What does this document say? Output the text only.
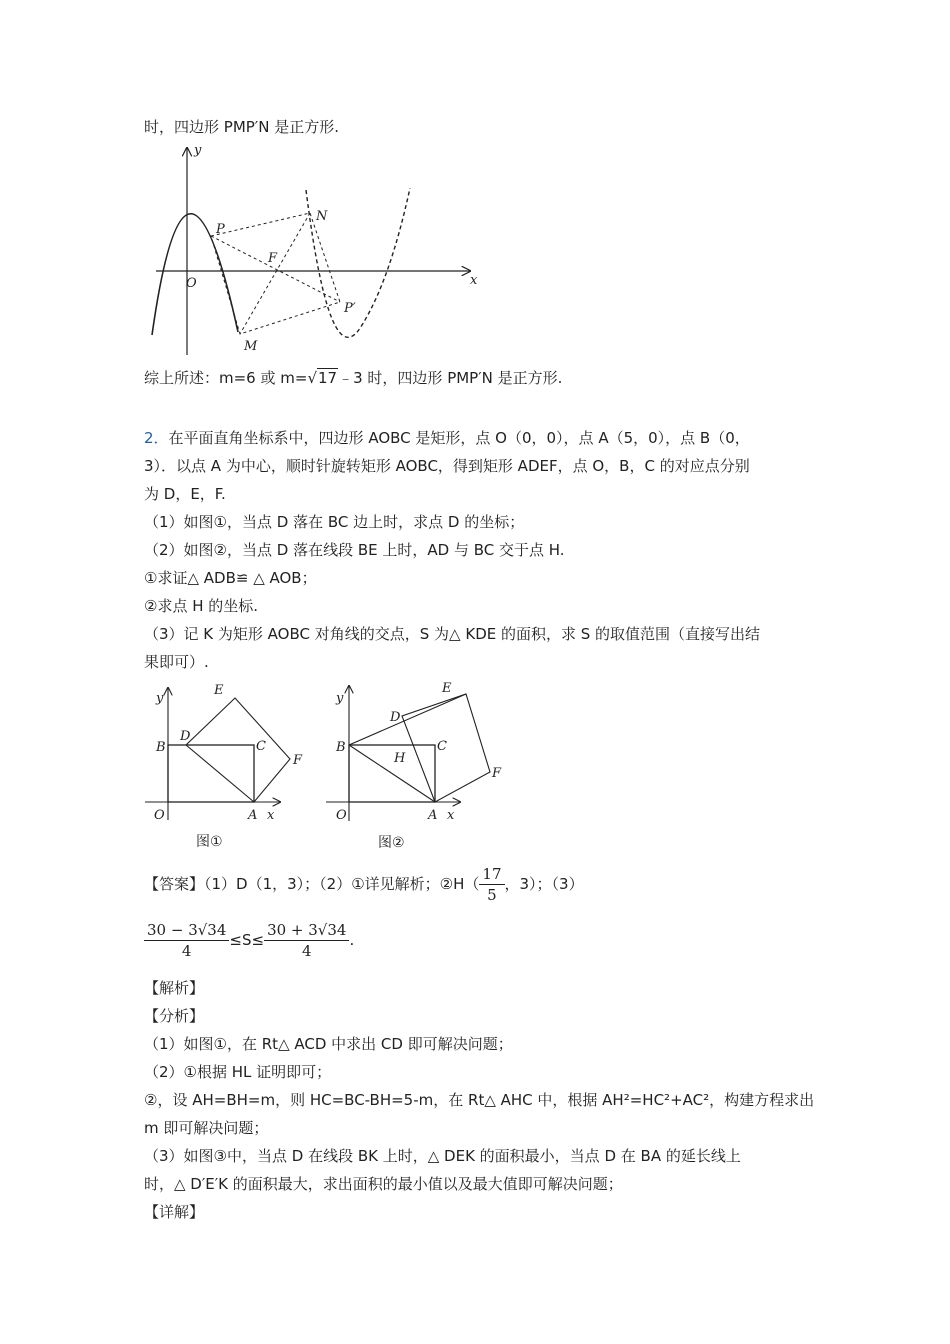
时，四边形 PMP′N 是正方形.
y
x
O
P
N
F
P′
M
综上所述：m=6 或 m=√17﹣3 时，四边形 PMP′N 是正方形.
2．在平面直角坐标系中，四边形 AOBC 是矩形，点 O（0，0），点 A（5，0），点 B（0，
3）．以点 A 为中心，顺时针旋转矩形 AOBC，得到矩形 ADEF，点 O，B，C 的对应点分别
为 D，E，F.
（1）如图①，当点 D 落在 BC 边上时，求点 D 的坐标；
（2）如图②，当点 D 落在线段 BE 上时，AD 与 BC 交于点 H.
①求证△ ADB≌ △ AOB；
②求点 H 的坐标.
（3）记 K 为矩形 AOBC 对角线的交点，S 为△ KDE 的面积，求 S 的取值范围（直接写出结
果即可）.
y
x
O	A
B	C
D
E
F
图①
y
x
O	A
B	C
D
E
F
H
图②
【答案】（1）D（1，3）；（2）①详见解析；②H（ $\frac{17}{5}$ ，3）；（3）
$\frac{30 - 3√34}{4} \le S\le \frac{30 + 3√34}{4}$ .
【解析】
【分析】
（1）如图①，在 Rt△ ACD 中求出 CD 即可解决问题；
（2）①根据 HL 证明即可；
②，设 AH=BH=m，则 HC=BC-BH=5-m，在 Rt△ AHC 中，根据 AH²=HC²+AC²，构建方程求出
m 即可解决问题；
（3）如图③中，当点 D 在线段 BK 上时，△ DEK 的面积最小，当点 D 在 BA 的延长线上
时，△ D′E′K 的面积最大，求出面积的最小值以及最大值即可解决问题；
【详解】
